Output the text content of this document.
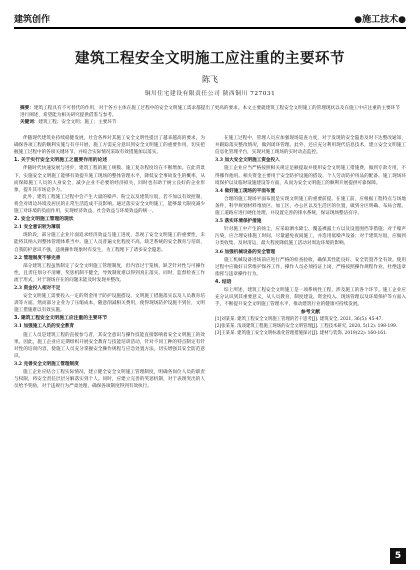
建筑创作	●施工技术●
建筑工程安全文明施工应注重的主要环节
陈飞
铜川住宅建设有限责任公司 陕西铜川 727031
摘要：建筑工程具有不可替代的作用，对于各方主体在施工过程中的安全文明施工需求都提出了更高的要求。本文主要就建筑工程安全文明施工的管理现状以及在施工中应注重的主要环节进行阐述，希望能为相关研究提供借鉴与参考。
关键词：建筑工程；安全文明；施工；主要环节

伴随现代建筑业持续稳健发展，社会各界对其施工安全文明性提出了越来越高的要求，为确保各项工程的顺利实施与有序开展，施工方需充分意识到安全文明施工的重要作用，切实把握施工过程中的各项关键环节，并结合实际情况采取有效措施加以落实。

1. 关于实行安全文明施工之重要作用的论述

伴随时代快速发展与进步，建筑工程的施工规模、施工复杂程度均在不断增加。在此背景下，实施安全文明施工能够有效提升施工现场的整体管理水平，降低安全事故发生的概率，从而保障施工人员的人身安全，减少企业不必要的经济损失，同时也有助于树立良好的企业形象，提升其市场竞争力。

此外，建筑工程施工过程中会产生大量的噪声、粉尘以及建筑垃圾，若不加以有效控制，将会对周边环境及居民的正常生活造成不良影响。通过落实安全文明施工，能够最大限度减少施工对环境的负面作用，实现经济效益、社会效益与环境效益的统一。

2. 安全文明施工管理的现状
2.1 安全意识较为薄弱

现阶段，部分施工企业片面追求经济效益与施工进度，忽视了安全文明施工的重要性，未能将其纳入到整体管理体系当中。施工人员普遍文化程度不高，缺乏系统的安全教育与培训，自我防护意识不强，违规操作现象时有发生，为工程埋下了诸多安全隐患。

2.2 管理制度不够完善

部分建筑工程虽然制定了安全文明施工管理制度，但内容过于笼统，缺乏针对性与可操作性，且责任划分不清晰，奖惩机制不健全，导致制度难以得到真正落实。同时，监督检查工作流于形式，对于现场存在的问题未能及时发现并整改。

2.3 资金投入相对不足

安全文明施工需要投入一定的资金用于防护设施搭设、文明施工措施落实以及人员教育培训等方面。然而部分企业为了压缩成本，随意削减相关费用，使得现场防护设施不到位，文明施工措施难以有效实施。

3. 建筑工程安全文明施工应注重的主要环节
3.1 加强施工人员的安全教育

施工人员是建筑工程的直接参与者，其安全意识与操作技能直接影响着安全文明施工的效果。因此，施工企业应定期组织开展安全教育与技能培训活动，针对不同工种的特点制定有针对性的培训内容，使施工人员充分掌握安全操作规程与应急处置方法，切实增强其安全防范意识。

3.2 完善安全文明施工管理制度

施工企业应结合工程实际情况，建立健全安全文明施工管理制度，明确各岗位人员的职责与权限，将安全责任层层分解落实到个人。同时，应建立完善的奖惩机制，对于表现突出的人员给予奖励，对于违规行为严肃处理，确保各项制度得到有效执行。

在施工过程中，管理人员应加强现场巡查力度，对于发现的安全隐患及时下达整改通知，并跟踪落实整改情况，做到闭环管理。此外，还应充分利用现代信息技术，建立安全文明施工信息化管理平台，实现对施工现场的实时动态监控。

3.3 加大安全文明施工资金投入

施工企业应当严格按照相关规定足额提取并使用安全文明施工措施费，做到专款专用，不得挪作他用。相关资金主要用于安全防护设施的搭设、个人劳动防护用品的配备、施工现场环境保护以及临时设施建设等方面，从而为安全文明施工的顺利开展提供可靠保障。

3.4 做好施工现场的平面布置

合理的施工现场平面布置是实现文明施工的重要前提。在施工前，应根据工程特点与场地条件，科学规划材料堆放区、加工区、办公区以及生活区的位置，做到分区明确、布局合理。施工道路应进行硬化处理，并设置完善的排水系统，保证现场整洁有序。

3.5 落实环境保护措施

针对施工中产生的扬尘，应采取洒水降尘、覆盖裸露土方以及设置围挡等措施；对于噪声污染，应合理安排施工时间，尽量避免夜间施工，并选用低噪声设备；对于建筑垃圾，应做到分类收集、及时清运，最大程度降低施工活动对周边环境的影响。

3.6 加强机械设备的安全管理

施工机械设备进场前应进行严格的检查验收，确保其性能良好、安全装置齐全有效。使用过程中应做好日常维护保养工作，操作人员必须持证上岗，严格按照操作规程作业，杜绝违章指挥与违章操作行为。

4. 结语

综上所述，建筑工程安全文明施工是一项系统性工程，涉及施工的各个环节。施工企业应充分认识到其重要意义，从人员教育、制度建设、资金投入、现场管理以及环境保护等方面入手，不断提升安全文明施工管理水平，推动建筑行业的健康可持续发展。

参考文献
[1]刘某某. 建筑工程安全文明施工管理的若干思考[J]. 建筑安全, 2021, 36(5): 45-47.
[2]张某某. 浅谈建筑工程施工现场的安全文明管理[J]. 工程技术研究, 2020, 5(12): 198-199.
[3]王某某. 建筑施工安全文明标准化管理措施探讨[J]. 建材与装饰, 2019(22): 160-161.
5
